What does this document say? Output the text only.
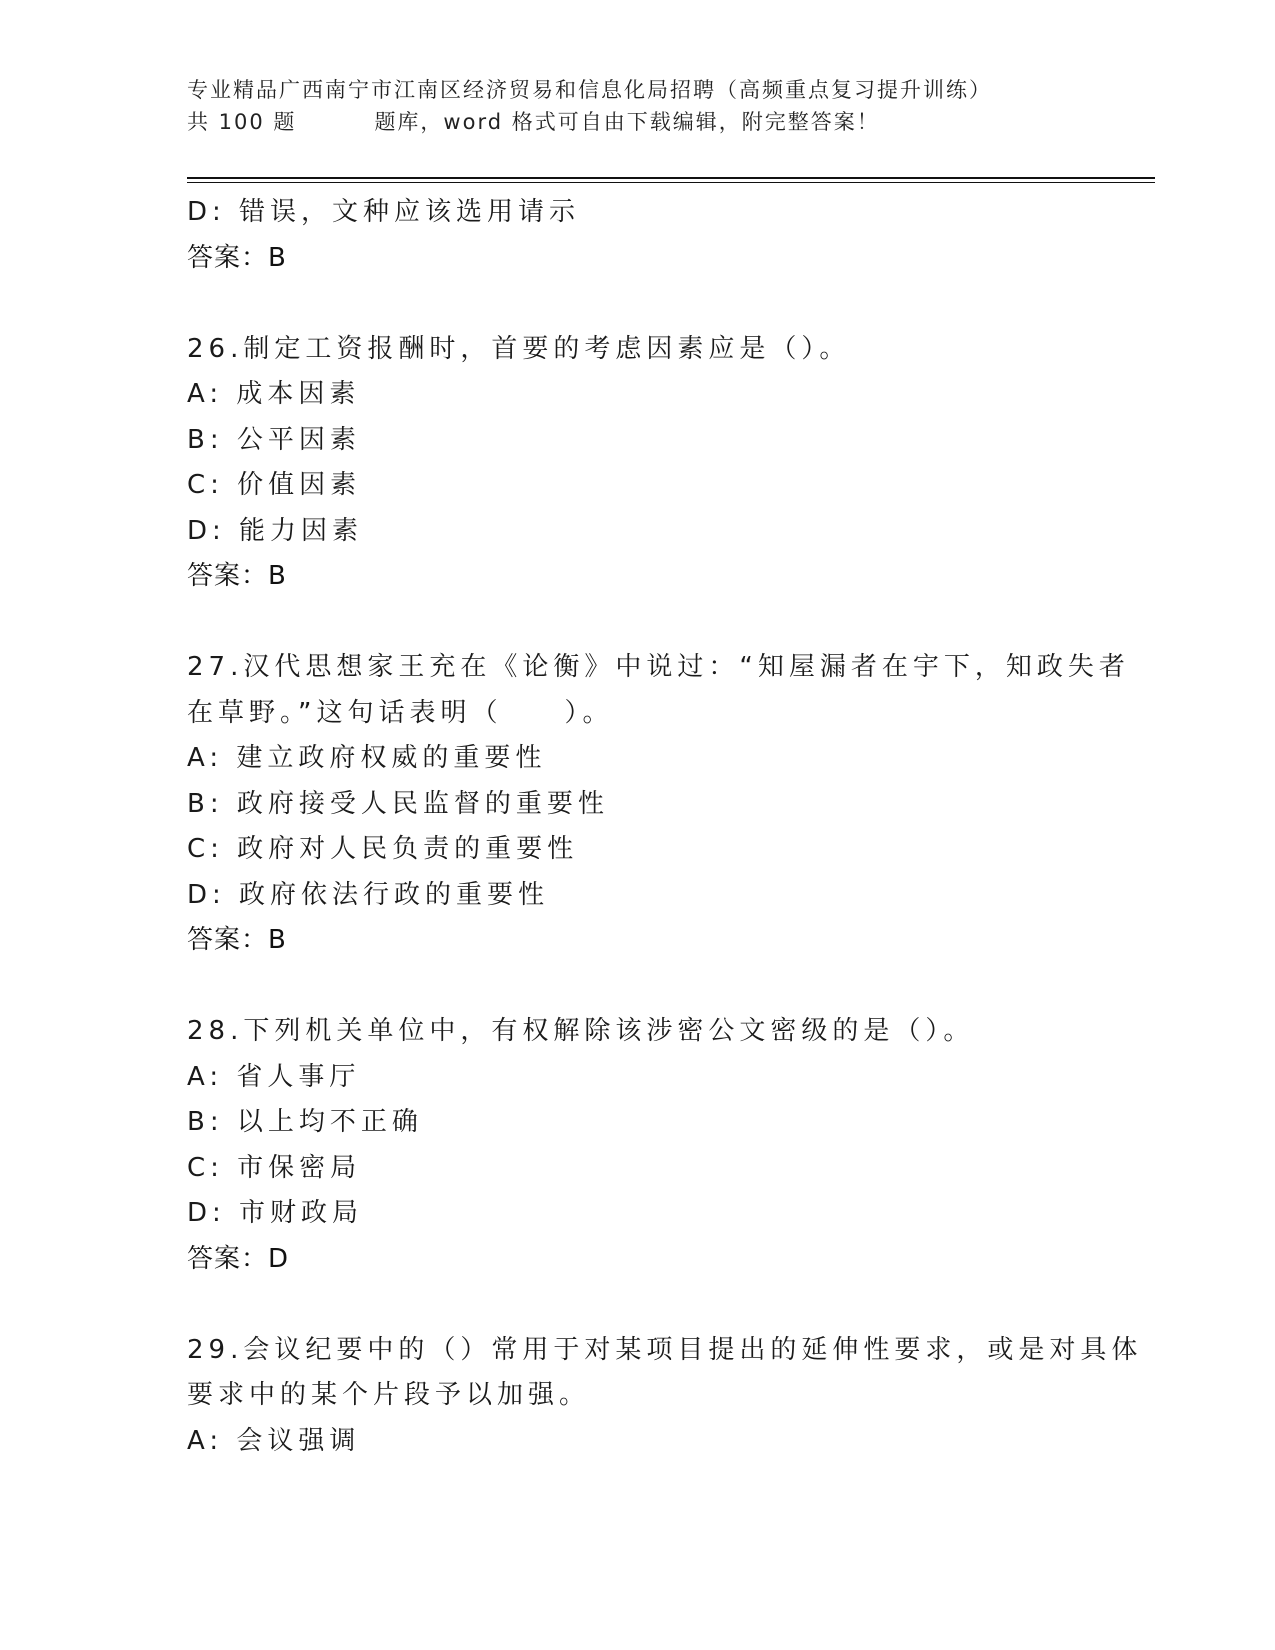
专业精品广西南宁市江南区经济贸易和信息化局招聘（高频重点复习提升训练）
共 100 题	题库，word 格式可自由下载编辑，附完整答案！
D: 错误，文种应该选用请示
答案：B
26.制定工资报酬时，首要的考虑因素应是（）。
A: 成本因素
B: 公平因素
C: 价值因素
D: 能力因素
答案：B
27.汉代思想家王充在《论衡》中说过：“知屋漏者在宇下，知政失者
在草野。”这句话表明（　　）。
A: 建立政府权威的重要性
B: 政府接受人民监督的重要性
C: 政府对人民负责的重要性
D: 政府依法行政的重要性
答案：B
28.下列机关单位中，有权解除该涉密公文密级的是（）。
A: 省人事厅
B: 以上均不正确
C: 市保密局
D: 市财政局
答案：D
29.会议纪要中的（）常用于对某项目提出的延伸性要求，或是对具体
要求中的某个片段予以加强。
A: 会议强调
